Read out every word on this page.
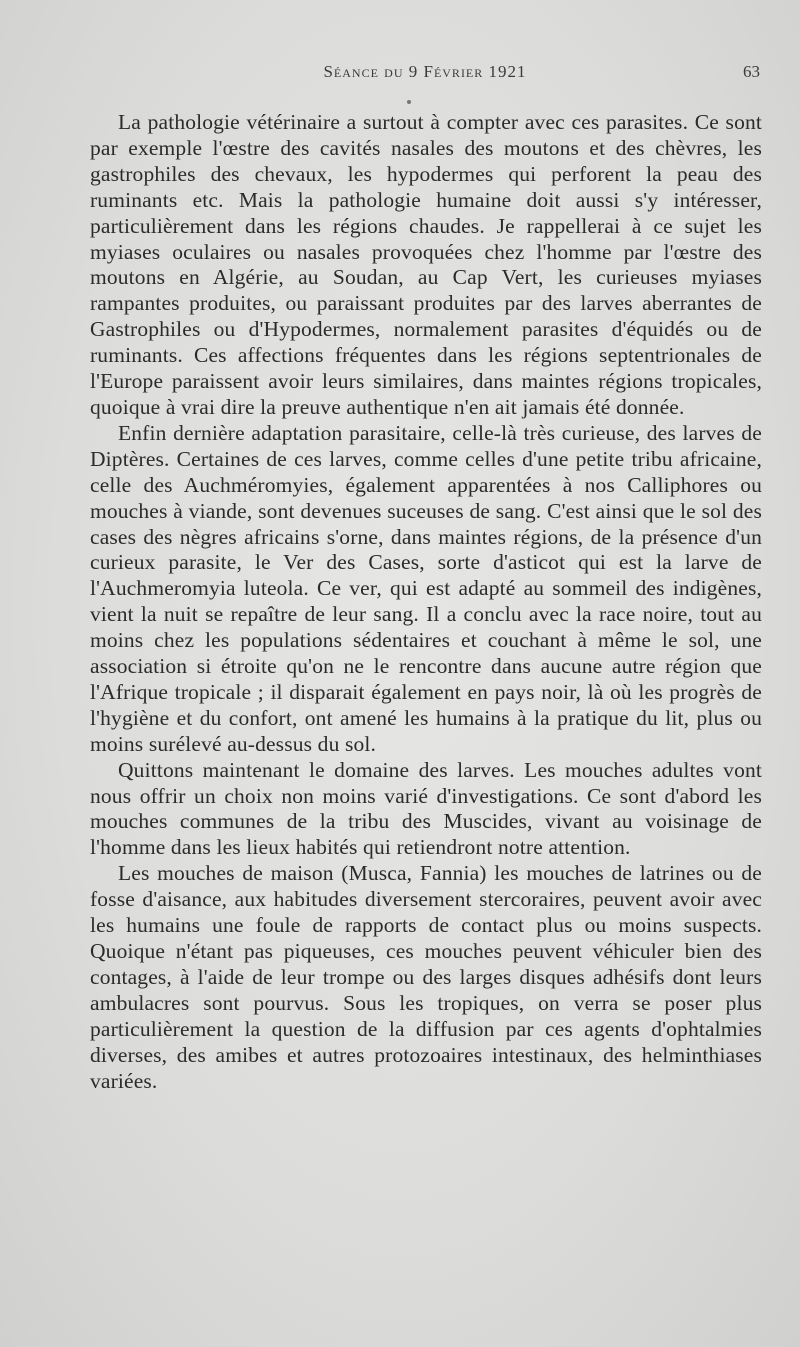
Séance du 9 Février 1921	63

La pathologie vétérinaire a surtout à compter avec ces parasites. Ce sont par exemple l'œstre des cavités nasales des moutons et des chèvres, les gastrophiles des chevaux, les hypodermes qui perforent la peau des ruminants etc. Mais la pathologie humaine doit aussi s'y intéresser, particulièrement dans les régions chaudes. Je rappellerai à ce sujet les myiases oculaires ou nasales provoquées chez l'homme par l'œstre des moutons en Algérie, au Soudan, au Cap Vert, les curieuses myiases rampantes produites, ou paraissant produites par des larves aberrantes de Gastrophiles ou d'Hypodermes, normalement parasites d'équidés ou de ruminants. Ces affections fréquentes dans les régions septentrionales de l'Europe paraissent avoir leurs similaires, dans maintes régions tropicales, quoique à vrai dire la preuve authentique n'en ait jamais été donnée.

Enfin dernière adaptation parasitaire, celle-là très curieuse, des larves de Diptères. Certaines de ces larves, comme celles d'une petite tribu africaine, celle des Auchméromyies, également apparentées à nos Calliphores ou mouches à viande, sont devenues suceuses de sang. C'est ainsi que le sol des cases des nègres africains s'orne, dans maintes régions, de la présence d'un curieux parasite, le Ver des Cases, sorte d'asticot qui est la larve de l'Auchmeromyia luteola. Ce ver, qui est adapté au sommeil des indigènes, vient la nuit se repaître de leur sang. Il a conclu avec la race noire, tout au moins chez les populations sédentaires et couchant à même le sol, une association si étroite qu'on ne le rencontre dans aucune autre région que l'Afrique tropicale ; il disparait également en pays noir, là où les progrès de l'hygiène et du confort, ont amené les humains à la pratique du lit, plus ou moins surélevé au-dessus du sol.

Quittons maintenant le domaine des larves. Les mouches adultes vont nous offrir un choix non moins varié d'investigations. Ce sont d'abord les mouches communes de la tribu des Muscides, vivant au voisinage de l'homme dans les lieux habités qui retiendront notre attention.

Les mouches de maison (Musca, Fannia) les mouches de latrines ou de fosse d'aisance, aux habitudes diversement stercoraires, peuvent avoir avec les humains une foule de rapports de contact plus ou moins suspects. Quoique n'étant pas piqueuses, ces mouches peuvent véhiculer bien des contages, à l'aide de leur trompe ou des larges disques adhésifs dont leurs ambulacres sont pourvus. Sous les tropiques, on verra se poser plus particulièrement la question de la diffusion par ces agents d'ophtalmies diverses, des amibes et autres protozoaires intestinaux, des helminthiases variées.
